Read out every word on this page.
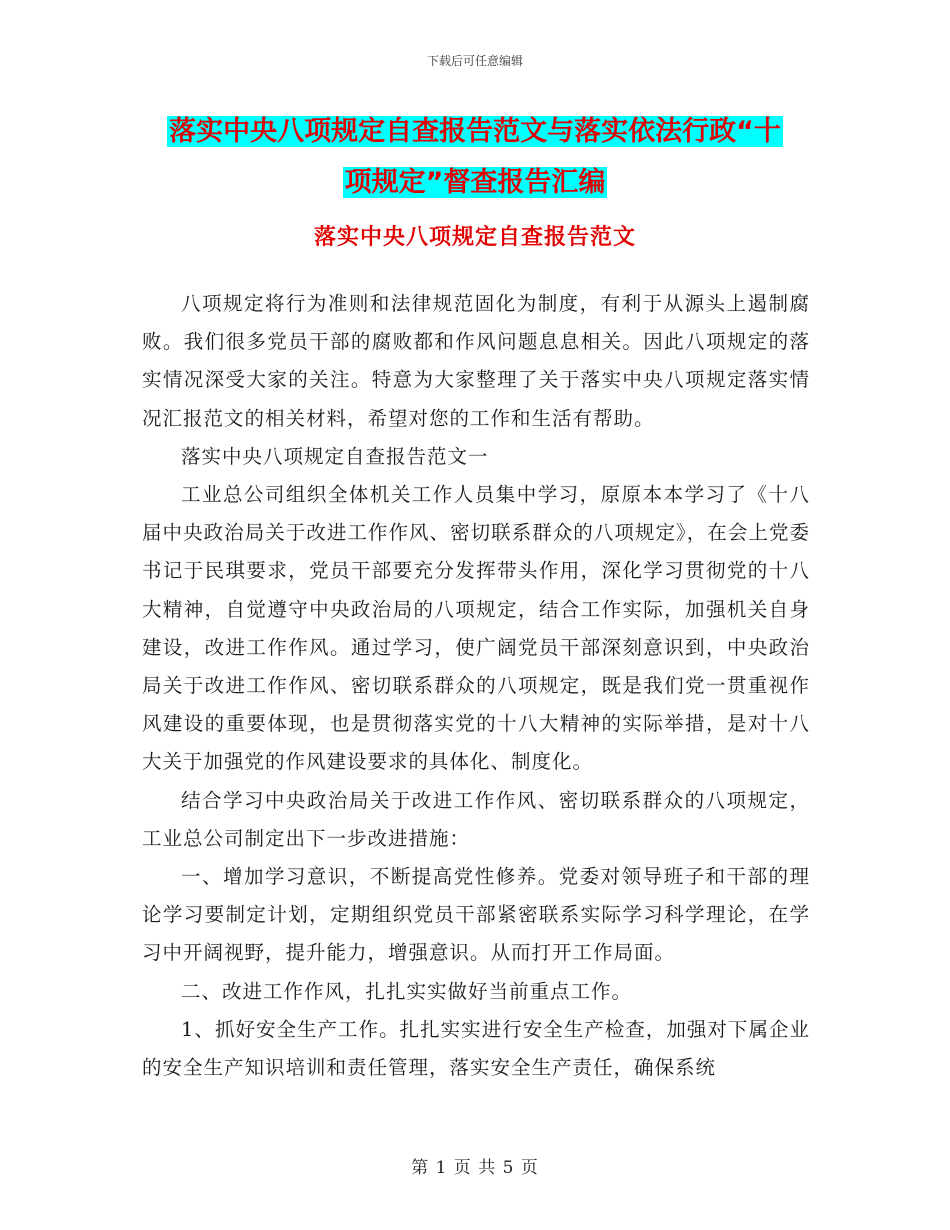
下载后可任意编辑
落实中央八项规定自查报告范文与落实依法行政“十
项规定”督查报告汇编
落实中央八项规定自查报告范文

八项规定将行为准则和法律规范固化为制度，有利于从源头上遏制腐败。我们很多党员干部的腐败都和作风问题息息相关。因此八项规定的落实情况深受大家的关注。特意为大家整理了关于落实中央八项规定落实情况汇报范文的相关材料，希望对您的工作和生活有帮助。

落实中央八项规定自查报告范文一

工业总公司组织全体机关工作人员集中学习，原原本本学习了《十八届中央政治局关于改进工作作风、密切联系群众的八项规定》，在会上党委书记于民琪要求，党员干部要充分发挥带头作用，深化学习贯彻党的十八大精神，自觉遵守中央政治局的八项规定，结合工作实际，加强机关自身建设，改进工作作风。通过学习，使广阔党员干部深刻意识到，中央政治局关于改进工作作风、密切联系群众的八项规定，既是我们党一贯重视作风建设的重要体现，也是贯彻落实党的十八大精神的实际举措，是对十八大关于加强党的作风建设要求的具体化、制度化。

结合学习中央政治局关于改进工作作风、密切联系群众的八项规定，工业总公司制定出下一步改进措施：

一、增加学习意识，不断提高党性修养。党委对领导班子和干部的理论学习要制定计划，定期组织党员干部紧密联系实际学习科学理论，在学习中开阔视野，提升能力，增强意识。从而打开工作局面。

二、改进工作作风，扎扎实实做好当前重点工作。

1、抓好安全生产工作。扎扎实实进行安全生产检查，加强对下属企业的安全生产知识培训和责任管理，落实安全生产责任，确保系统

第 1 页 共 5 页
